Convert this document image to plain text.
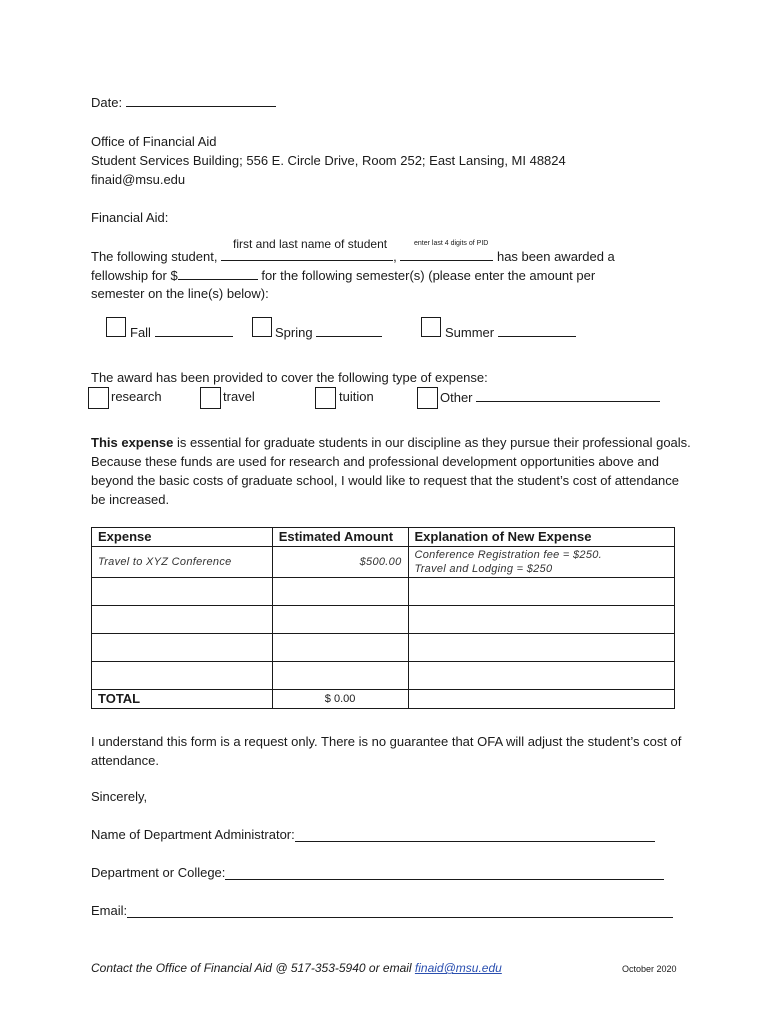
Date:
Office of Financial Aid
Student Services Building; 556 E. Circle Drive, Room 252; East Lansing, MI 48824
finaid@msu.edu
Financial Aid:
first and last name of student	enter last 4 digits of PID
The following student,	,	has been awarded a
fellowship for $	for the following semester(s) (please enter the amount per
semester on the line(s) below):
Fall	Spring	Summer
The award has been provided to cover the following type of expense:
research	travel	tuition	Other
This expense is essential for graduate students in our discipline as they pursue their professional goals. Because these funds are used for research and professional development opportunities above and beyond the basic costs of graduate school, I would like to request that the student’s cost of attendance be increased.
Expense	Estimated Amount	Explanation of New Expense
Travel to XYZ Conference	$500.00	Conference Registration fee = $250.
Travel and Lodging = $250

TOTAL	$ 0.00	
I understand this form is a request only. There is no guarantee that OFA will adjust the student’s cost of attendance.
Sincerely,
Name of Department Administrator:
Department or College:
Email:
Contact the Office of Financial Aid @ 517-353-5940 or email finaid@msu.edu	October 2020
